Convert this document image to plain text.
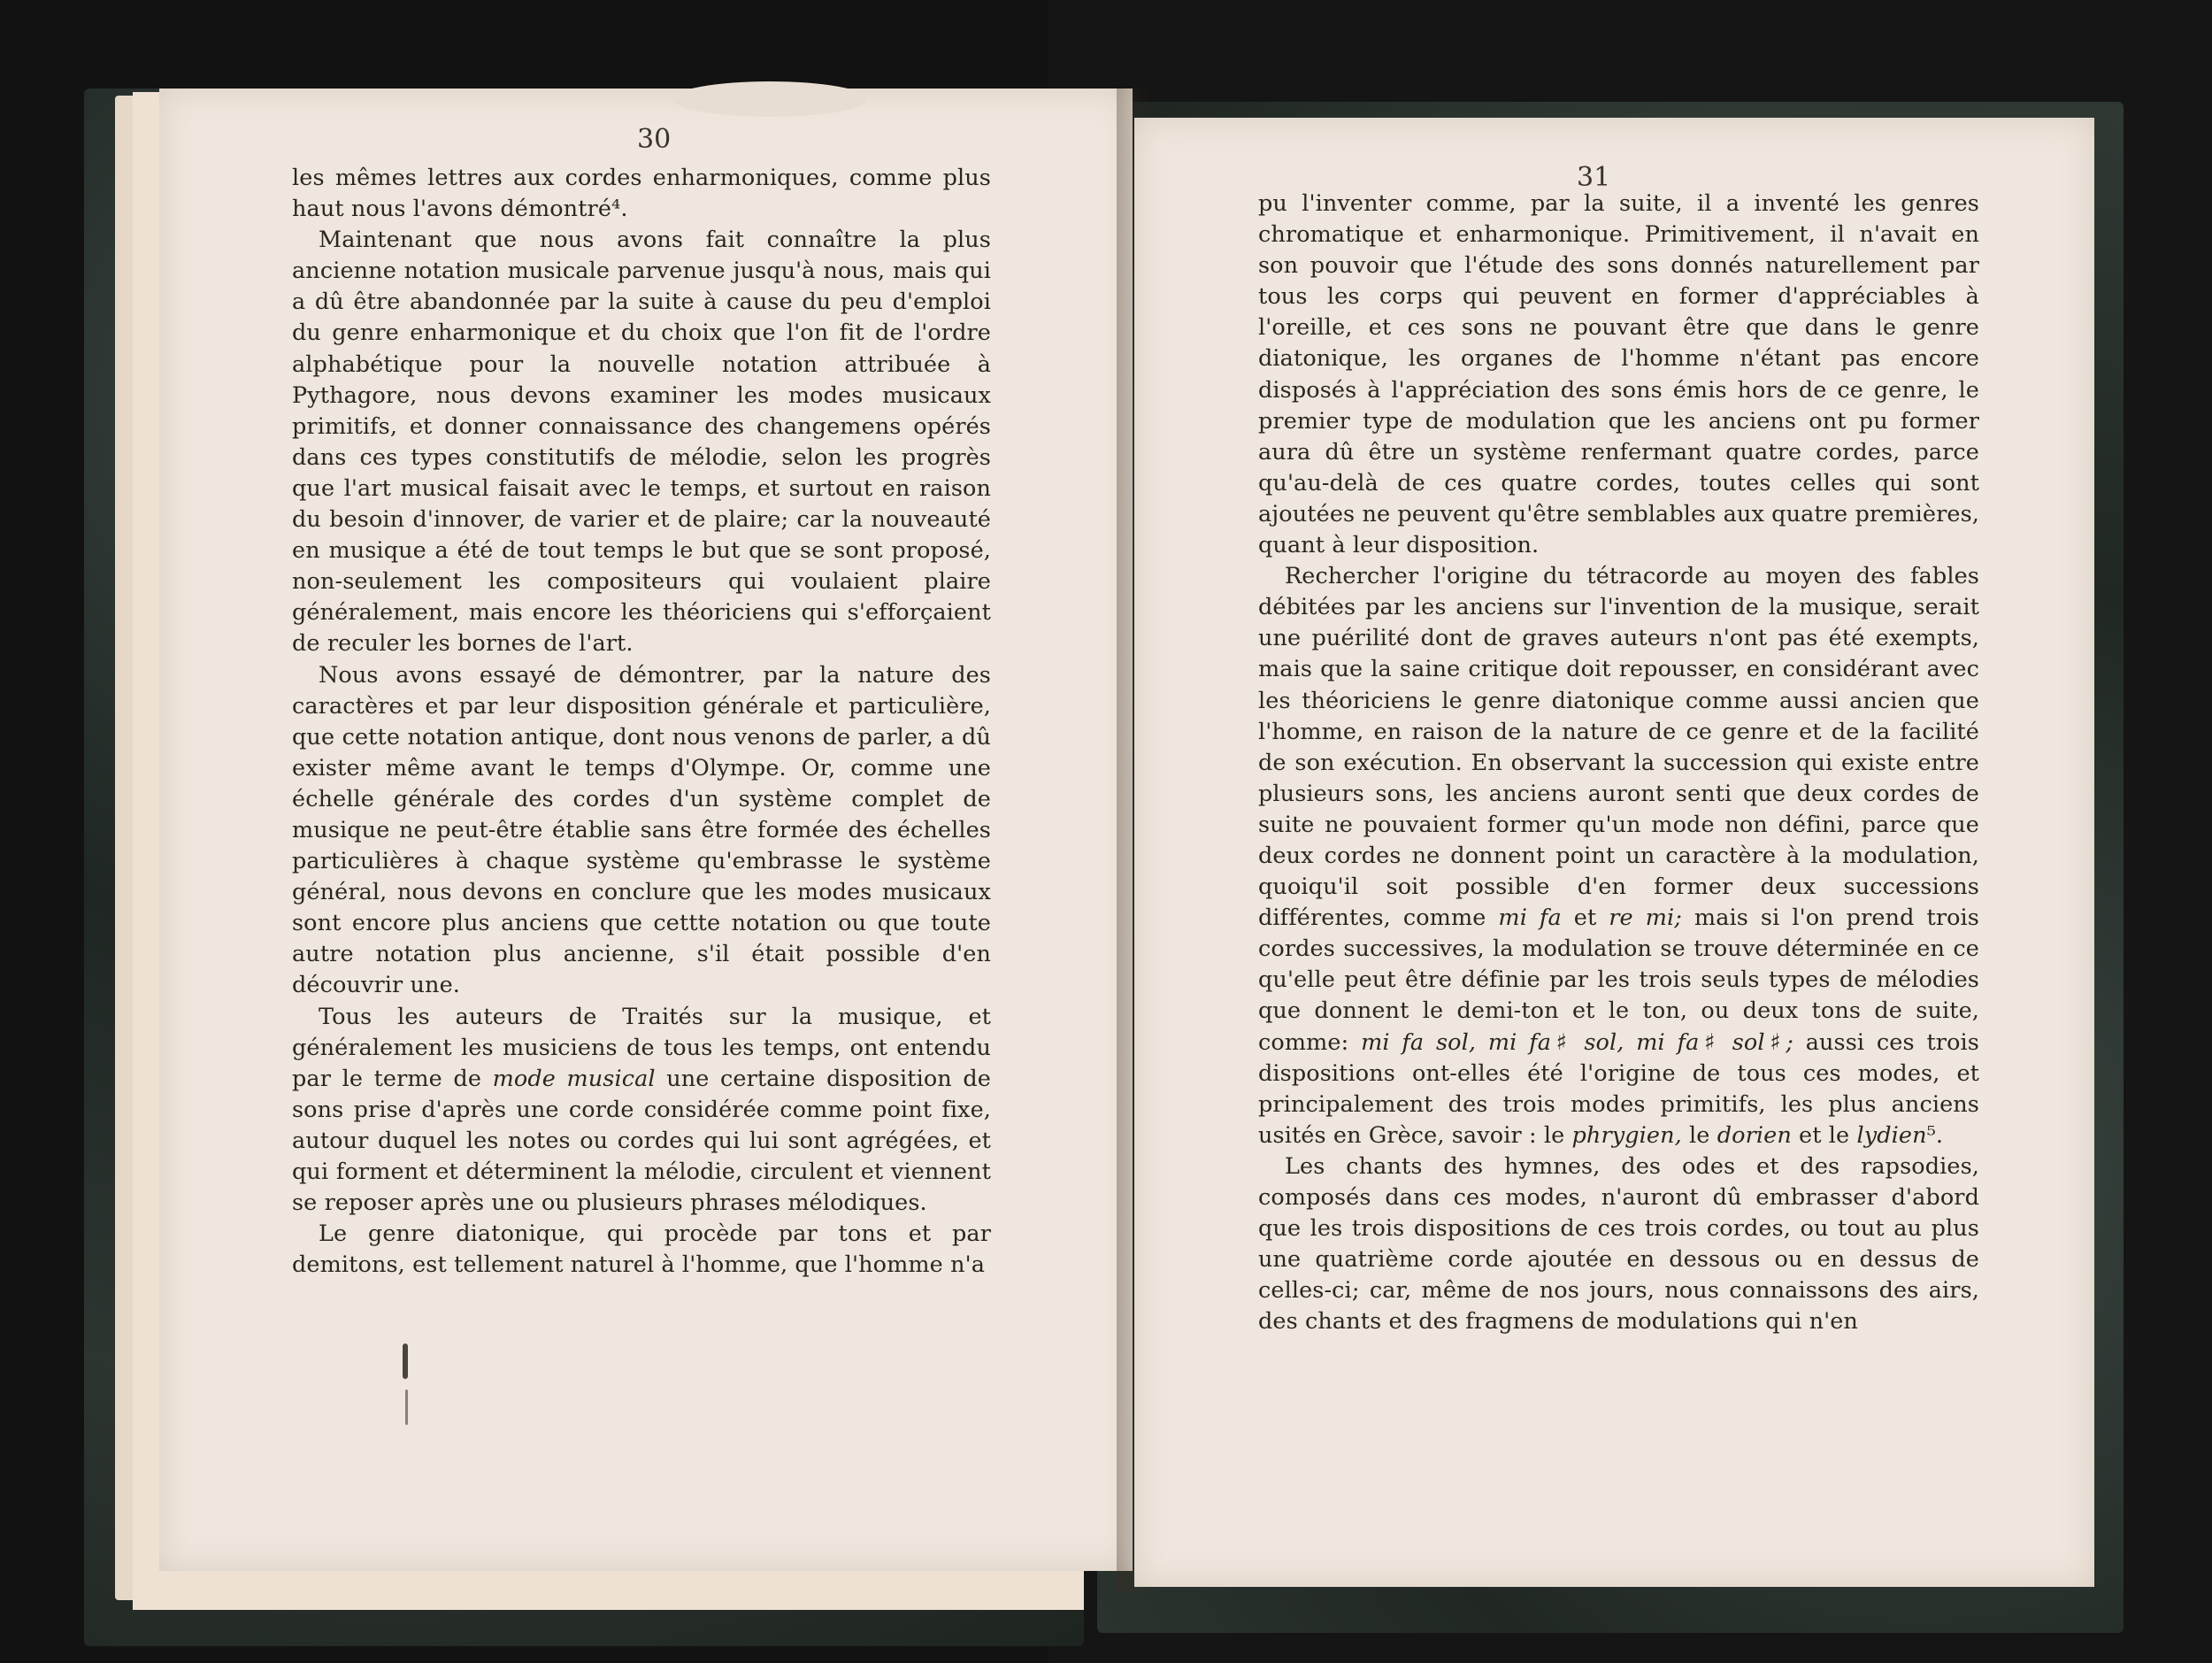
30

les mêmes lettres aux cordes enharmoniques, comme plus haut nous l'avons démontré⁴.

Maintenant que nous avons fait connaître la plus ancienne notation musicale parvenue jusqu'à nous, mais qui a dû être abandonnée par la suite à cause du peu d'emploi du genre enharmonique et du choix que l'on fit de l'ordre alphabétique pour la nouvelle notation attribuée à Pythagore, nous devons examiner les modes musicaux primitifs, et donner connaissance des changemens opérés dans ces types constitutifs de mélodie, selon les progrès que l'art musical faisait avec le temps, et surtout en raison du besoin d'innover, de varier et de plaire; car la nouveauté en musique a été de tout temps le but que se sont proposé, non-seulement les compositeurs qui voulaient plaire généralement, mais encore les théoriciens qui s'efforçaient de reculer les bornes de l'art.

Nous avons essayé de démontrer, par la nature des caractères et par leur disposition générale et particulière, que cette notation antique, dont nous venons de parler, a dû exister même avant le temps d'Olympe. Or, comme une échelle générale des cordes d'un système complet de musique ne peut-être établie sans être formée des échelles particulières à chaque système qu'embrasse le système général, nous devons en conclure que les modes musicaux sont encore plus anciens que cettte notation ou que toute autre notation plus ancienne, s'il était possible d'en découvrir une.

Tous les auteurs de Traités sur la musique, et généralement les musiciens de tous les temps, ont entendu par le terme de mode musical une certaine disposition de sons prise d'après une corde considérée comme point fixe, autour duquel les notes ou cordes qui lui sont agrégées, et qui forment et déterminent la mélodie, circulent et viennent se reposer après une ou plusieurs phrases mélodiques.

Le genre diatonique, qui procède par tons et par demitons, est tellement naturel à l'homme, que l'homme n'a

31

pu l'inventer comme, par la suite, il a inventé les genres chromatique et enharmonique. Primitivement, il n'avait en son pouvoir que l'étude des sons donnés naturellement par tous les corps qui peuvent en former d'appréciables à l'oreille, et ces sons ne pouvant être que dans le genre diatonique, les organes de l'homme n'étant pas encore disposés à l'appréciation des sons émis hors de ce genre, le premier type de modulation que les anciens ont pu former aura dû être un système renfermant quatre cordes, parce qu'au-delà de ces quatre cordes, toutes celles qui sont ajoutées ne peuvent qu'être semblables aux quatre premières, quant à leur disposition.

Rechercher l'origine du tétracorde au moyen des fables débitées par les anciens sur l'invention de la musique, serait une puérilité dont de graves auteurs n'ont pas été exempts, mais que la saine critique doit repousser, en considérant avec les théoriciens le genre diatonique comme aussi ancien que l'homme, en raison de la nature de ce genre et de la facilité de son exécution. En observant la succession qui existe entre plusieurs sons, les anciens auront senti que deux cordes de suite ne pouvaient former qu'un mode non défini, parce que deux cordes ne donnent point un caractère à la modulation, quoiqu'il soit possible d'en former deux successions différentes, comme mi fa et re mi; mais si l'on prend trois cordes successives, la modulation se trouve déterminée en ce qu'elle peut être définie par les trois seuls types de mélodies que donnent le demi-ton et le ton, ou deux tons de suite, comme: mi fa sol, mi fa♯ sol, mi fa♯ sol♯; aussi ces trois dispositions ont-elles été l'origine de tous ces modes, et principalement des trois modes primitifs, les plus anciens usités en Grèce, savoir : le phrygien, le dorien et le lydien⁵.

Les chants des hymnes, des odes et des rapsodies, composés dans ces modes, n'auront dû embrasser d'abord que les trois dispositions de ces trois cordes, ou tout au plus une quatrième corde ajoutée en dessous ou en dessus de celles-ci; car, même de nos jours, nous connaissons des airs, des chants et des fragmens de modulations qui n'en
